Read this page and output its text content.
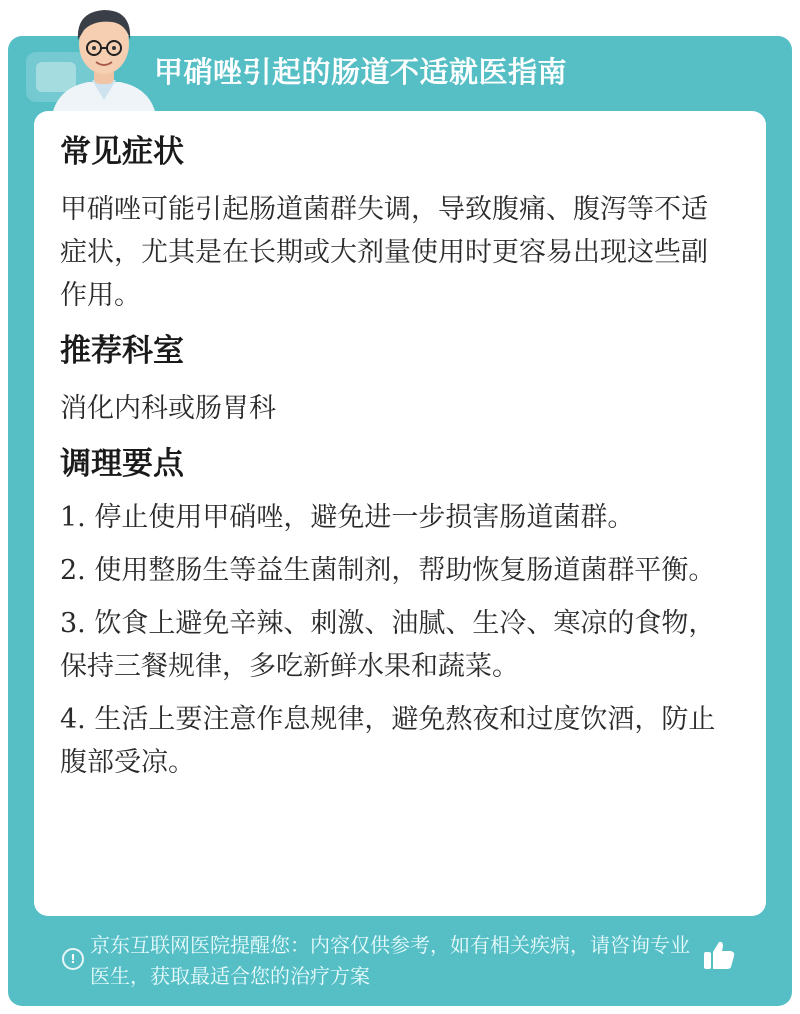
甲硝唑引起的肠道不适就医指南
常见症状

甲硝唑可能引起肠道菌群失调，导致腹痛、腹泻等不适症状，尤其是在长期或大剂量使用时更容易出现这些副作用。

推荐科室

消化内科或肠胃科

调理要点

1. 停止使用甲硝唑，避免进一步损害肠道菌群。

2. 使用整肠生等益生菌制剂，帮助恢复肠道菌群平衡。

3. 饮食上避免辛辣、刺激、油腻、生冷、寒凉的食物，保持三餐规律，多吃新鲜水果和蔬菜。

4. 生活上要注意作息规律，避免熬夜和过度饮酒，防止腹部受凉。

!
京东互联网医院提醒您：内容仅供参考，如有相关疾病，请咨询专业医生，获取最适合您的治疗方案
